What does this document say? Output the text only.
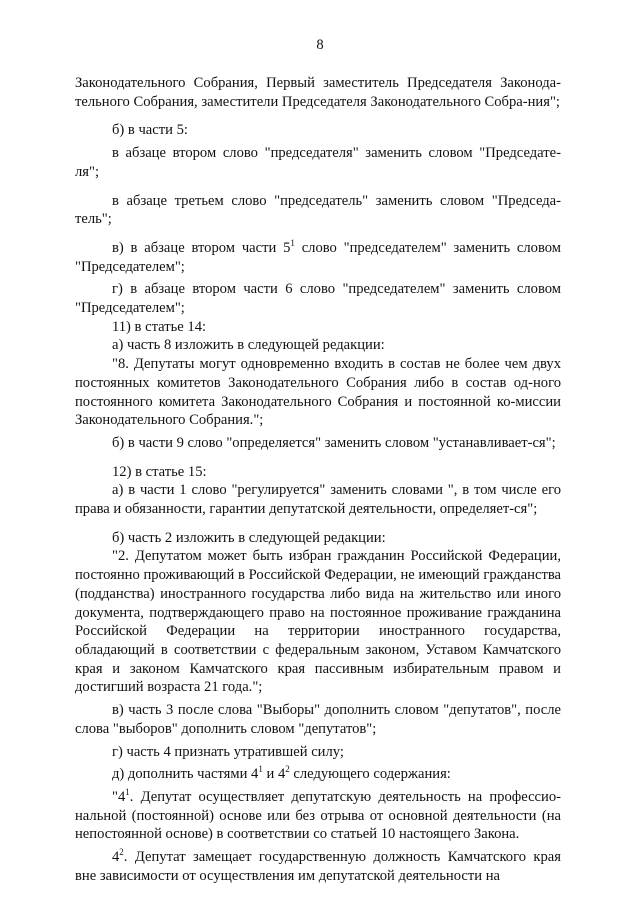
8

Законодательного Собрания, Первый заместитель Председателя Законода-тельного Собрания, заместители Председателя Законодательного Собра-ния";

б) в части 5:

в абзаце втором слово "председателя" заменить словом "Председате-ля";

в абзаце третьем слово "председатель" заменить словом "Председа-тель";

в) в абзаце втором части $5^1$ слово "председателем" заменить словом "Председателем";

г) в абзаце втором части 6 слово "председателем" заменить словом "Председателем";

11) в статье 14:

а) часть 8 изложить в следующей редакции:

"8. Депутаты могут одновременно входить в состав не более чем двух постоянных комитетов Законодательного Собрания либо в состав од-ного постоянного комитета Законодательного Собрания и постоянной ко-миссии Законодательного Собрания.";

б) в части 9 слово "определяется" заменить словом "устанавливает-ся";

12) в статье 15:

а) в части 1 слово "регулируется" заменить словами ", в том числе его права и обязанности, гарантии депутатской деятельности, определяет-ся";

б) часть 2 изложить в следующей редакции:

"2. Депутатом может быть избран гражданин Российской Федерации, постоянно проживающий в Российской Федерации, не имеющий гражданства (подданства) иностранного государства либо вида на жительство или иного документа, подтверждающего право на постоянное проживание гражданина Российской Федерации на территории иностранного государства, обладающий в соответствии с федеральным законом, Уставом Камчатского края и законом Камчатского края пассивным избирательным правом и достигший возраста 21 года.";

в) часть 3 после слова "Выборы" дополнить словом "депутатов", после слова "выборов" дополнить словом "депутатов";

г) часть 4 признать утратившей силу;

д) дополнить частями $4^1$ и $4^2$ следующего содержания:

"$4^1$. Депутат осуществляет депутатскую деятельность на профессио-нальной (постоянной) основе или без отрыва от основной деятельности (на непостоянной основе) в соответствии со статьей 10 настоящего Закона.

$4^2$. Депутат замещает государственную должность Камчатского края вне зависимости от осуществления им депутатской деятельности на
